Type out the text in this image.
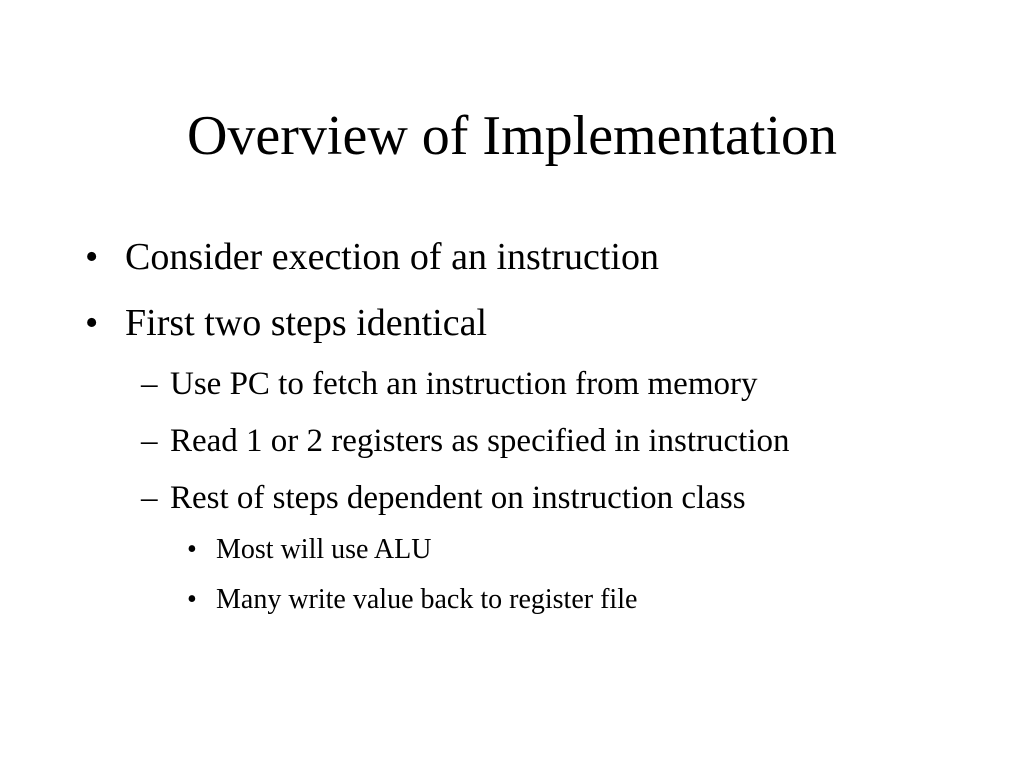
Overview of Implementation
• Consider exection of an instruction
• First two steps identical
– Use PC to fetch an instruction from memory
– Read 1 or 2 registers as specified in instruction
– Rest of steps dependent on instruction class
• Most will use ALU
• Many write value back to register file
